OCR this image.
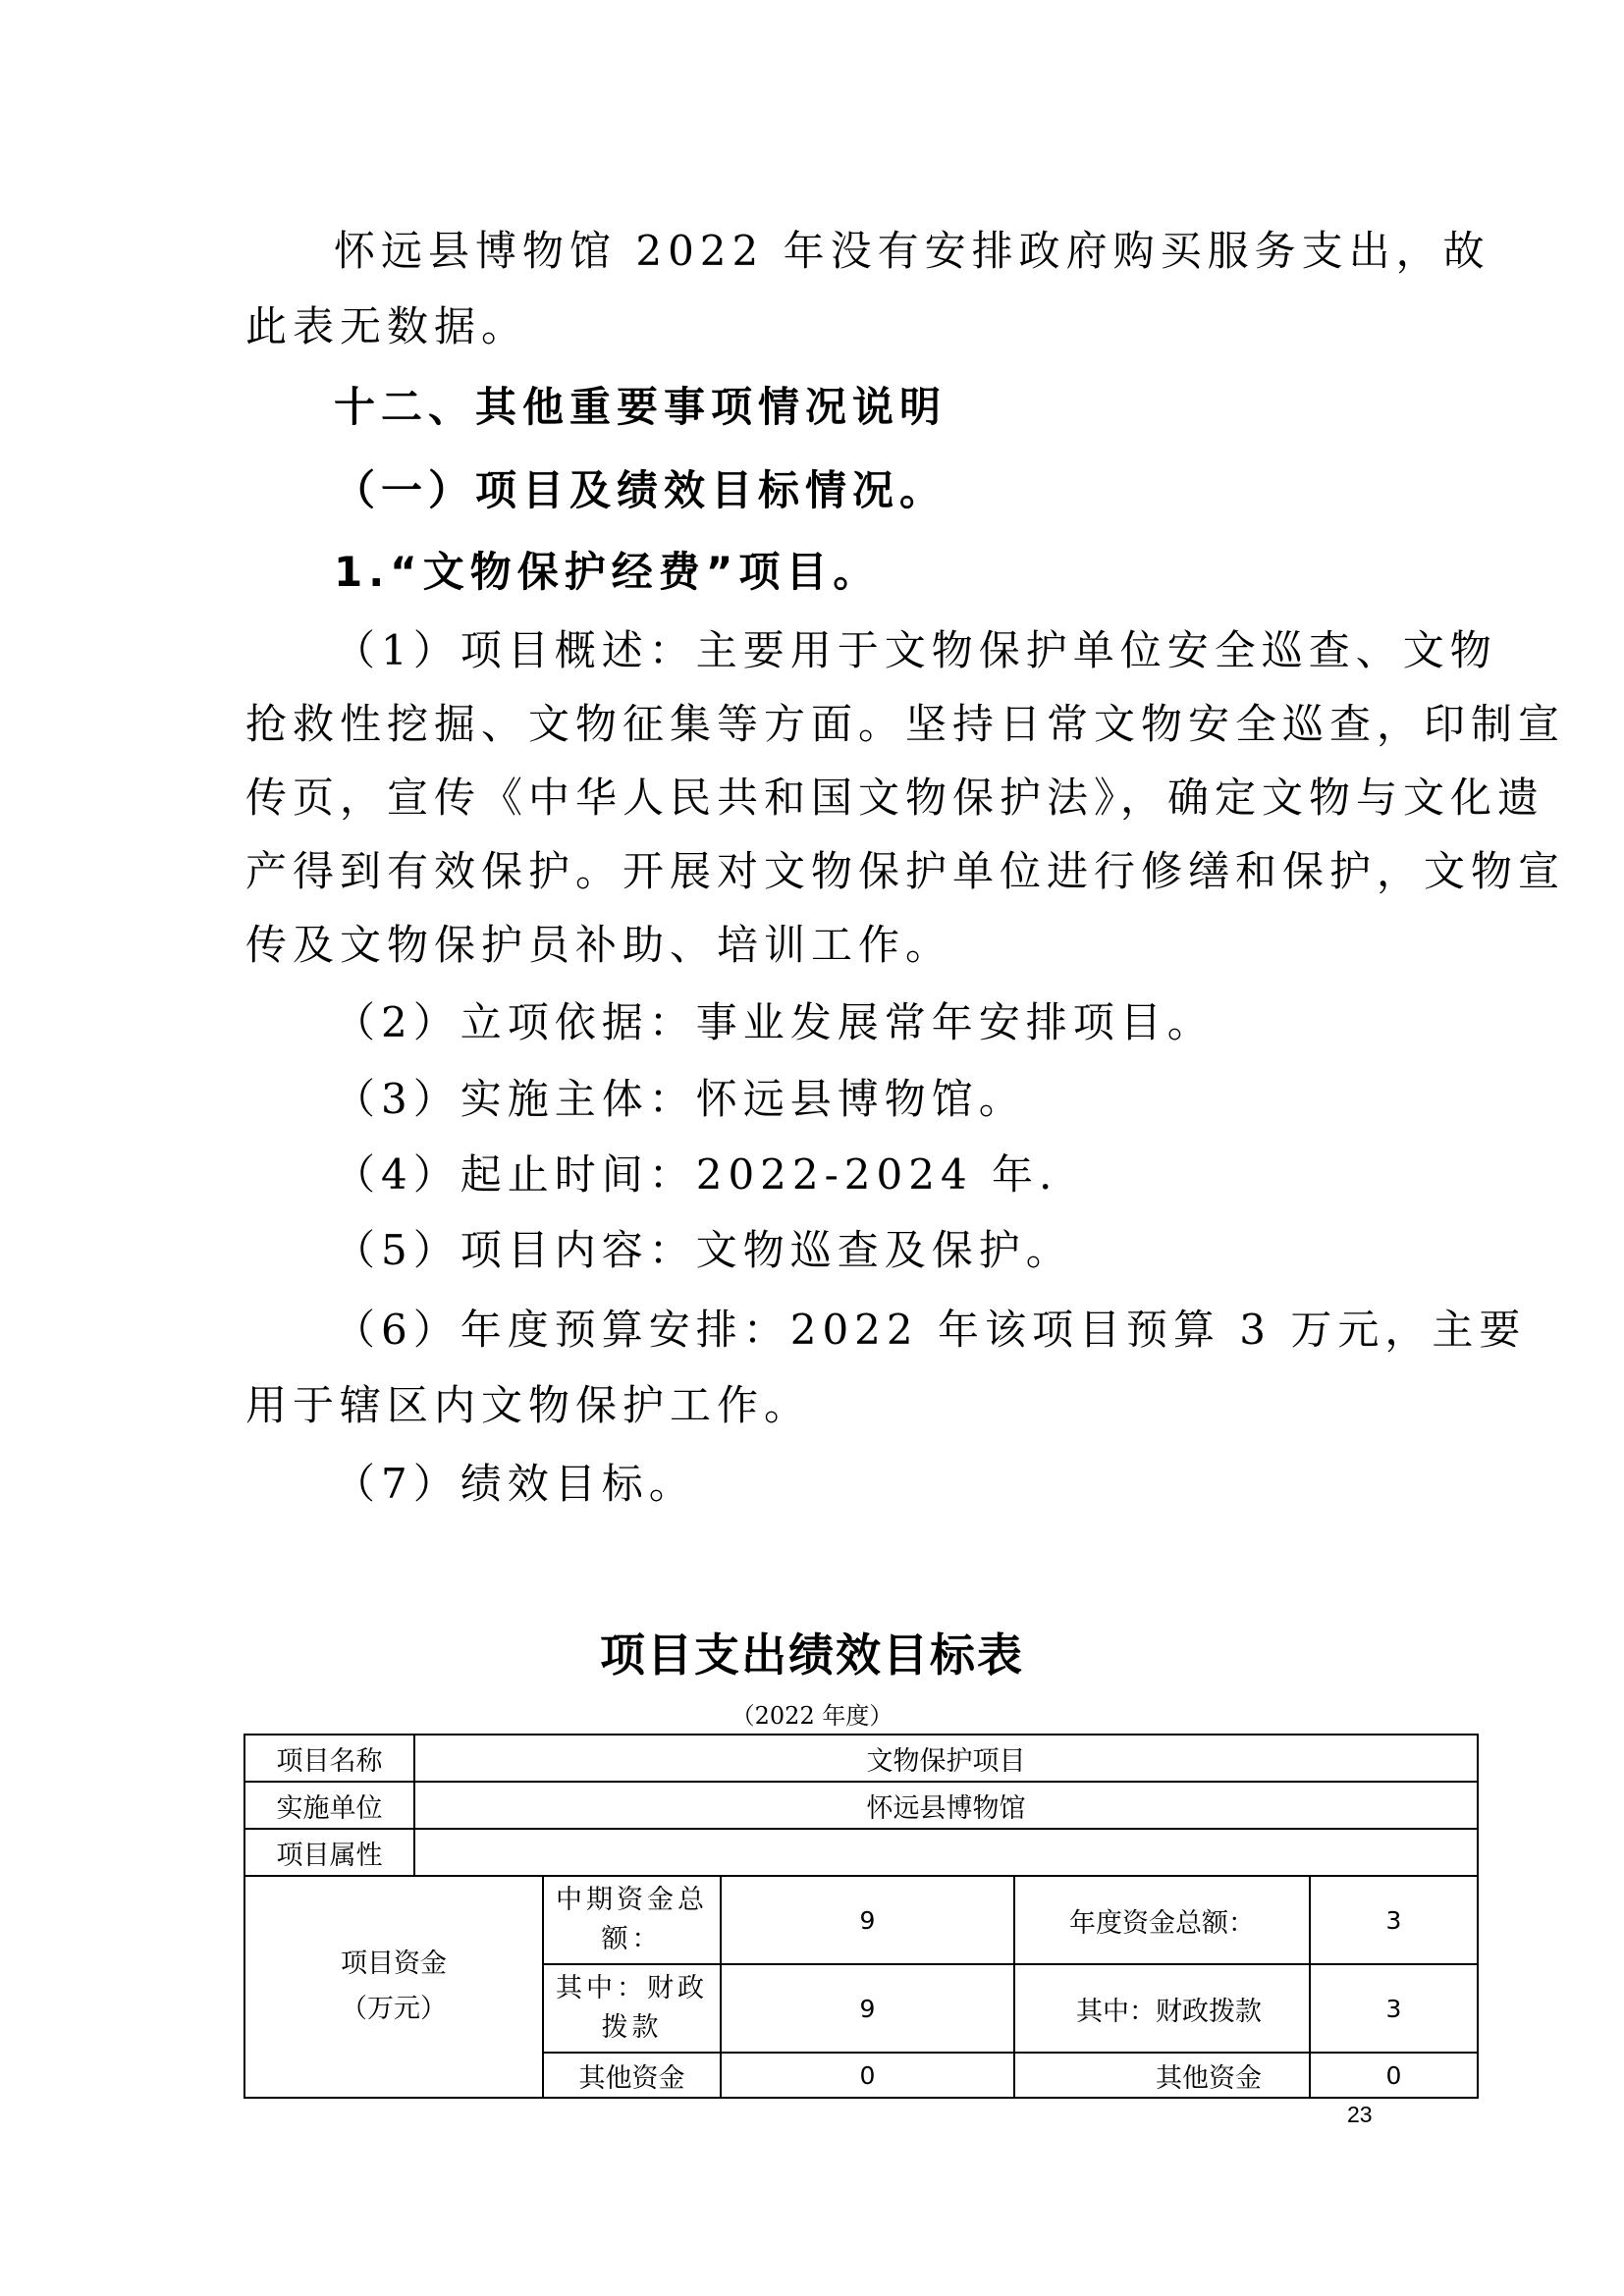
怀远县博物馆 2022 年没有安排政府购买服务支出，故
此表无数据。
十二、其他重要事项情况说明
（一）项目及绩效目标情况。
1.“文物保护经费”项目。
（1）项目概述：主要用于文物保护单位安全巡查、文物
抢救性挖掘、文物征集等方面。坚持日常文物安全巡查，印制宣
传页，宣传《中华人民共和国文物保护法》，确定文物与文化遗
产得到有效保护。开展对文物保护单位进行修缮和保护，文物宣
传及文物保护员补助、培训工作。
（2）立项依据：事业发展常年安排项目。
（3）实施主体：怀远县博物馆。
（4）起止时间：2022-2024 年.
（5）项目内容：文物巡查及保护。
（6）年度预算安排：2022 年该项目预算 3 万元，主要
用于辖区内文物保护工作。
（7）绩效目标。
项目支出绩效目标表
（2022 年度）
项目名称	文物保护项目				
实施单位	怀远县博物馆				
项目属性					

项目资金
（万元）		中期资金总额：	9	年度资金总额：	3
		其中：财政拨款	9	其中：财政拨款	3
		其他资金	0	其他资金	0
23
